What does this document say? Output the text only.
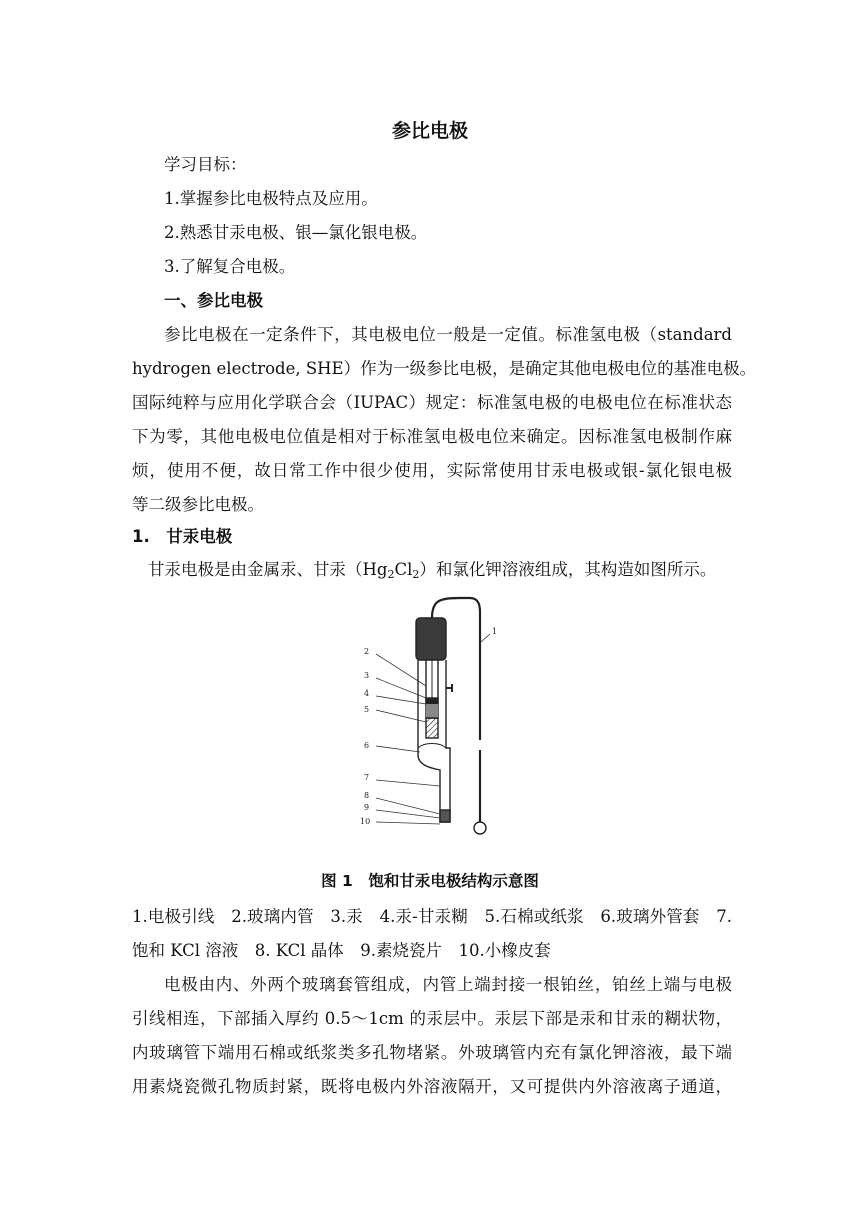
参比电极
学习目标：
1.掌握参比电极特点及应用。
2.熟悉甘汞电极、银—氯化银电极。
3.了解复合电极。
一、参比电极
参比电极在一定条件下，其电极电位一般是一定值。标准氢电极（standard
hydrogen electrode, SHE）作为一级参比电极，是确定其他电极电位的基准电极。
国际纯粹与应用化学联合会（IUPAC）规定：标准氢电极的电极电位在标准状态
下为零，其他电极电位值是相对于标准氢电极电位来确定。因标准氢电极制作麻
烦，使用不便，故日常工作中很少使用，实际常使用甘汞电极或银-氯化银电极
等二级参比电极。
1.　甘汞电极
甘汞电极是由金属汞、甘汞$(Hg_2Cl_2)$和氯化钾溶液组成，其构造如图所示。
1
2
3
4
5
6
7
8
9
10
图 1　饱和甘汞电极结构示意图
1.电极引线　2.玻璃内管　3.汞　4.汞-甘汞糊　5.石棉或纸浆　6.玻璃外管套　7.
饱和 KCl 溶液　8. KCl 晶体　9.素烧瓷片　10.小橡皮套
电极由内、外两个玻璃套管组成，内管上端封接一根铂丝，铂丝上端与电极
引线相连，下部插入厚约 0.5～1cm 的汞层中。汞层下部是汞和甘汞的糊状物，
内玻璃管下端用石棉或纸浆类多孔物堵紧。外玻璃管内充有氯化钾溶液，最下端
用素烧瓷微孔物质封紧，既将电极内外溶液隔开，又可提供内外溶液离子通道，
